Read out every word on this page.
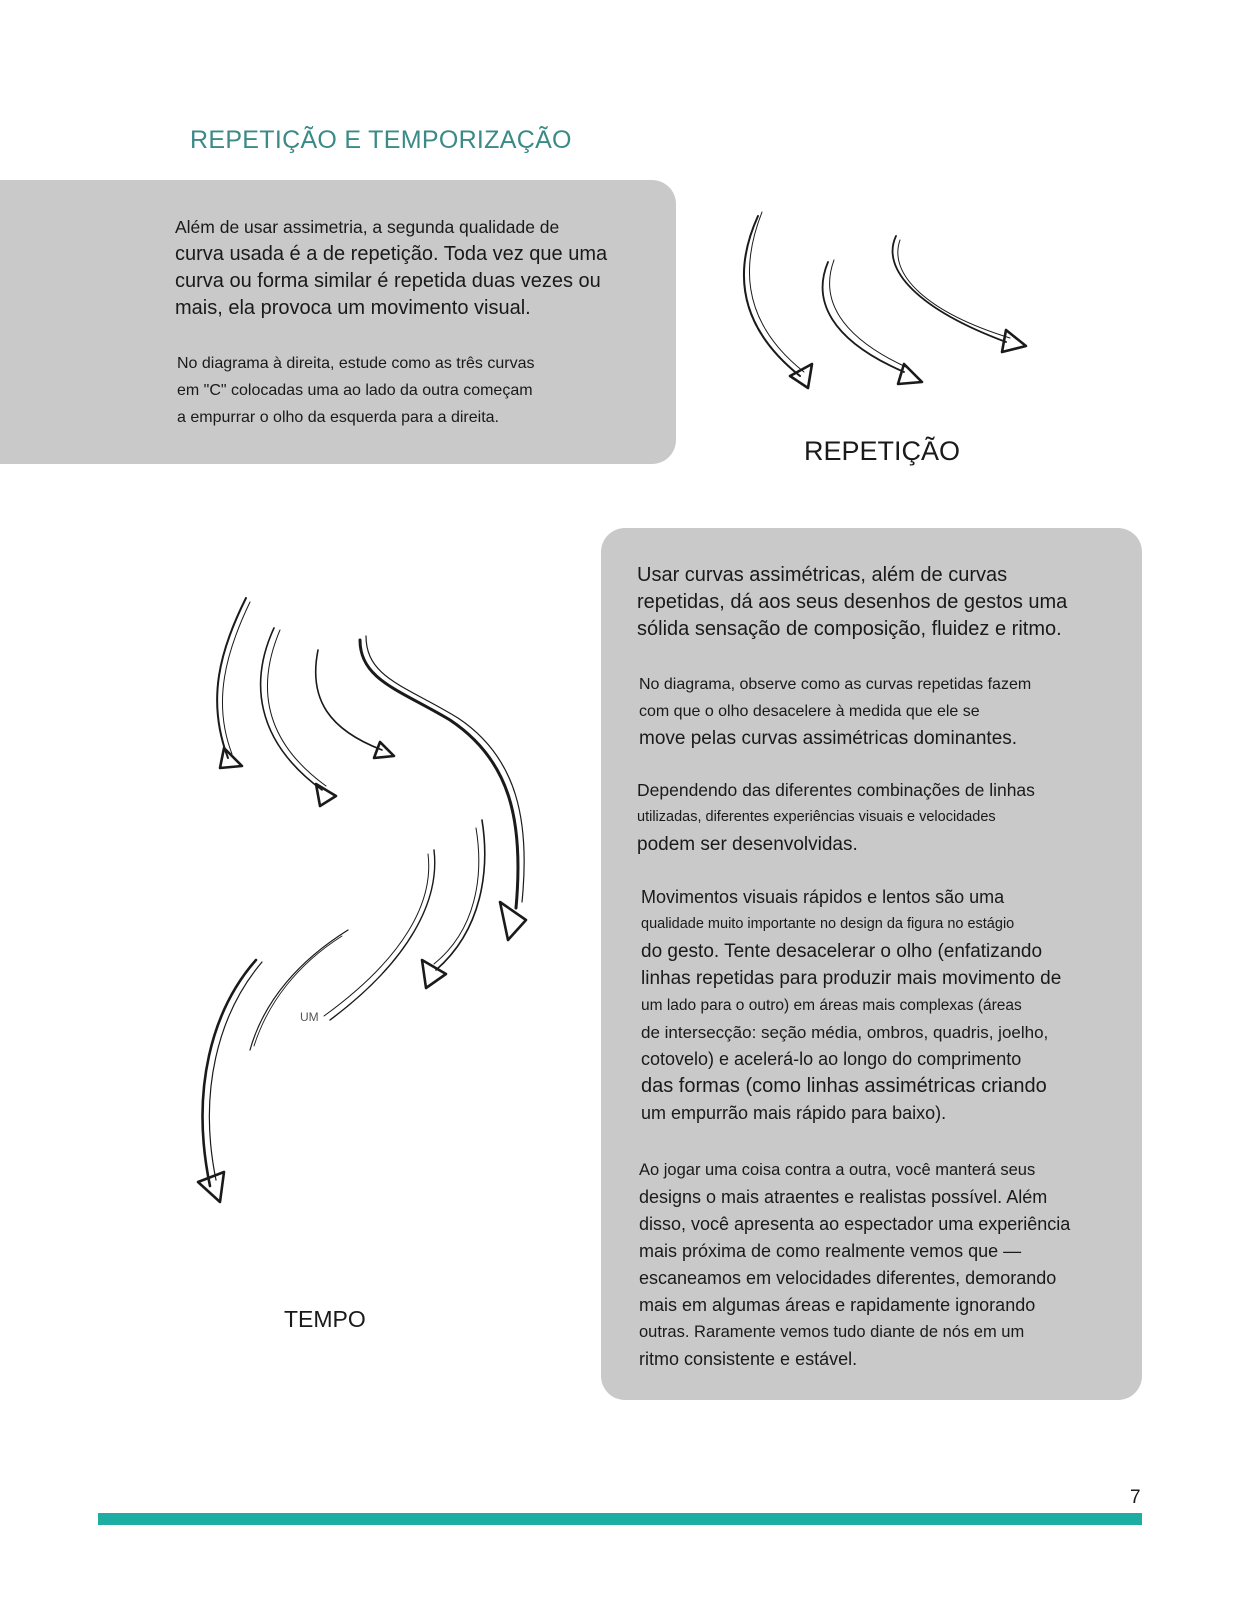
REPETIÇÃO E TEMPORIZAÇÃO
Além de usar assimetria, a segunda qualidade de
curva usada é a de repetição. Toda vez que uma
curva ou forma similar é repetida duas vezes ou
mais, ela provoca um movimento visual.
No diagrama à direita, estude como as três curvas
em "C" colocadas uma ao lado da outra começam
a empurrar o olho da esquerda para a direita.
REPETIÇÃO
UM
TEMPO
Usar curvas assimétricas, além de curvas
repetidas, dá aos seus desenhos de gestos uma
sólida sensação de composição, fluidez e ritmo.
No diagrama, observe como as curvas repetidas fazem
com que o olho desacelere à medida que ele se
move pelas curvas assimétricas dominantes.
Dependendo das diferentes combinações de linhas
utilizadas, diferentes experiências visuais e velocidades
podem ser desenvolvidas.
Movimentos visuais rápidos e lentos são uma
qualidade muito importante no design da figura no estágio
do gesto. Tente desacelerar o olho (enfatizando
linhas repetidas para produzir mais movimento de
um lado para o outro) em áreas mais complexas (áreas
de intersecção: seção média, ombros, quadris, joelho,
cotovelo) e acelerá-lo ao longo do comprimento
das formas (como linhas assimétricas criando
um empurrão mais rápido para baixo).
Ao jogar uma coisa contra a outra, você manterá seus
designs o mais atraentes e realistas possível. Além
disso, você apresenta ao espectador uma experiência
mais próxima de como realmente vemos que —
escaneamos em velocidades diferentes, demorando
mais em algumas áreas e rapidamente ignorando
outras. Raramente vemos tudo diante de nós em um
ritmo consistente e estável.
7
